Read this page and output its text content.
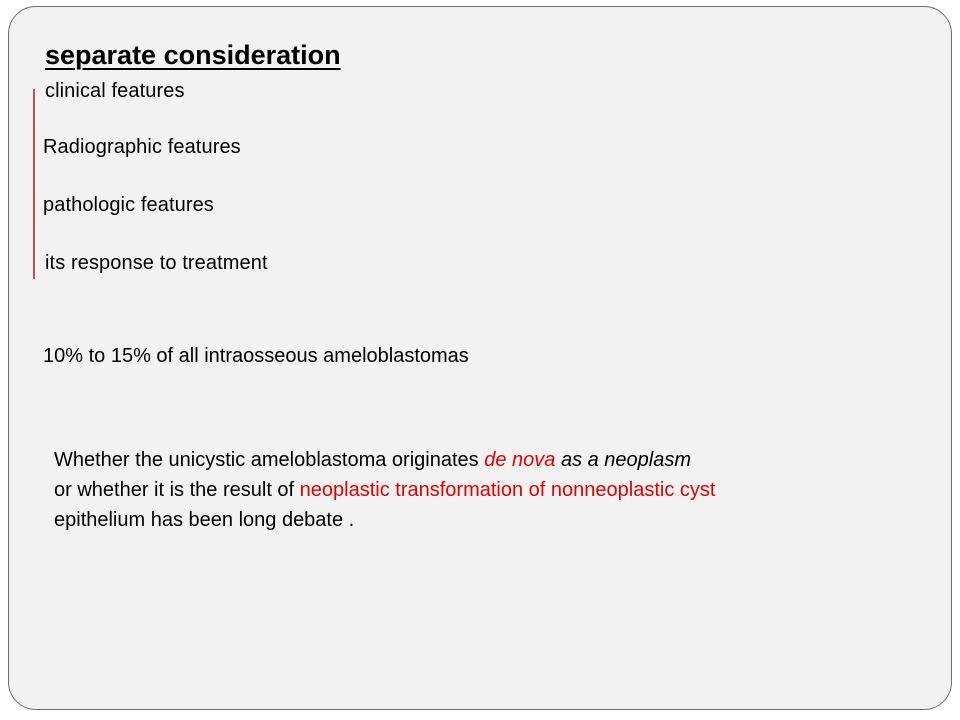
separate consideration
clinical features
Radiographic features
pathologic features
its response to treatment
10% to 15% of all intraosseous ameloblastomas
Whether the unicystic ameloblastoma originates de nova as a neoplasm
or whether it is the result of neoplastic transformation of nonneoplastic cyst
epithelium has been long debate .
